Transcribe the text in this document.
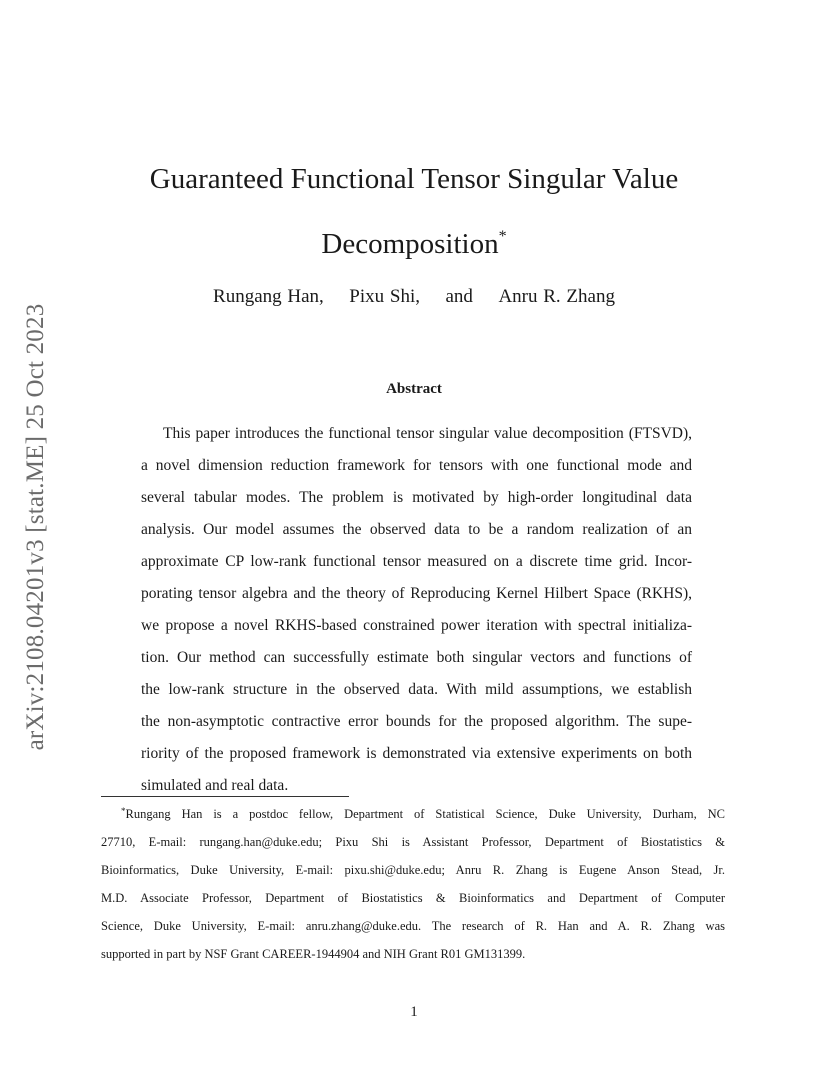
arXiv:2108.04201v3 [stat.ME] 25 Oct 2023
Guaranteed Functional Tensor Singular Value
Decomposition*
Rungang Han, Pixu Shi, and Anru R. Zhang
Abstract
This paper introduces the functional tensor singular value decomposition (FTSVD),
a novel dimension reduction framework for tensors with one functional mode and
several tabular modes. The problem is motivated by high-order longitudinal data
analysis. Our model assumes the observed data to be a random realization of an
approximate CP low-rank functional tensor measured on a discrete time grid. Incor-
porating tensor algebra and the theory of Reproducing Kernel Hilbert Space (RKHS),
we propose a novel RKHS-based constrained power iteration with spectral initializa-
tion. Our method can successfully estimate both singular vectors and functions of
the low-rank structure in the observed data. With mild assumptions, we establish
the non-asymptotic contractive error bounds for the proposed algorithm. The supe-
riority of the proposed framework is demonstrated via extensive experiments on both
simulated and real data.
*Rungang Han is a postdoc fellow, Department of Statistical Science, Duke University, Durham, NC
27710, E-mail: rungang.han@duke.edu; Pixu Shi is Assistant Professor, Department of Biostatistics &
Bioinformatics, Duke University, E-mail: pixu.shi@duke.edu; Anru R. Zhang is Eugene Anson Stead, Jr.
M.D. Associate Professor, Department of Biostatistics & Bioinformatics and Department of Computer
Science, Duke University, E-mail: anru.zhang@duke.edu. The research of R. Han and A. R. Zhang was
supported in part by NSF Grant CAREER-1944904 and NIH Grant R01 GM131399.
1
